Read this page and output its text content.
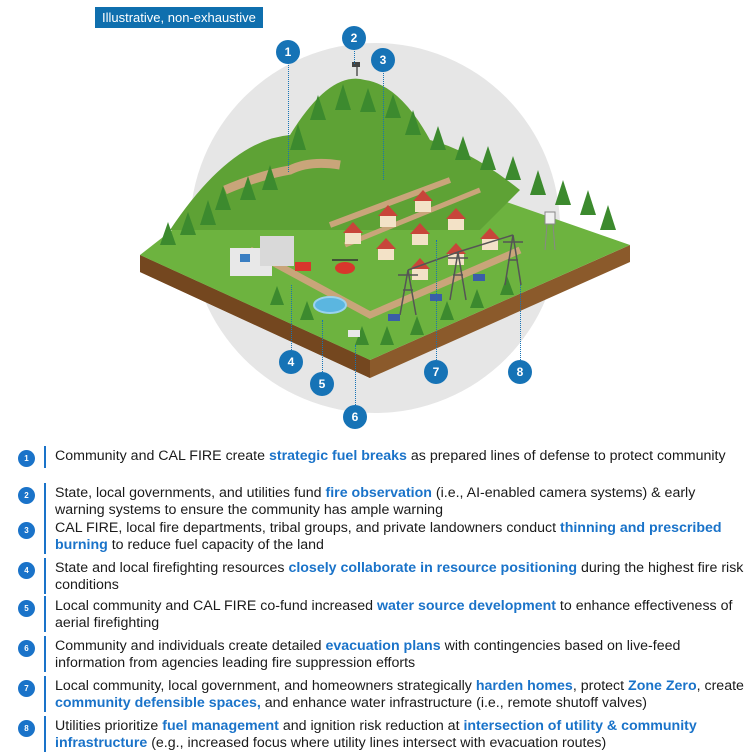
Illustrative, non-exhaustive
1
2
3
4
5
6
7	8
1	Community and CAL FIRE create strategic fuel breaks as prepared lines of defense to protect community
2	State, local governments, and utilities fund fire observation (i.e., AI-enabled camera systems) & early warning systems to ensure the community has ample warning
3	CAL FIRE, local fire departments, tribal groups, and private landowners conduct thinning and prescribed burning to reduce fuel capacity of the land
4	State and local firefighting resources closely collaborate in resource positioning during the highest fire risk conditions
5	Local community and CAL FIRE co-fund increased water source development to enhance effectiveness of aerial firefighting
6	Community and individuals create detailed evacuation plans with contingencies based on live-feed information from agencies leading fire suppression efforts
7	Local community, local government, and homeowners strategically harden homes, protect Zone Zero, create community defensible spaces, and enhance water infrastructure (i.e., remote shutoff valves)
8	Utilities prioritize fuel management and ignition risk reduction at intersection of utility & community infrastructure (e.g., increased focus where utility lines intersect with evacuation routes)
